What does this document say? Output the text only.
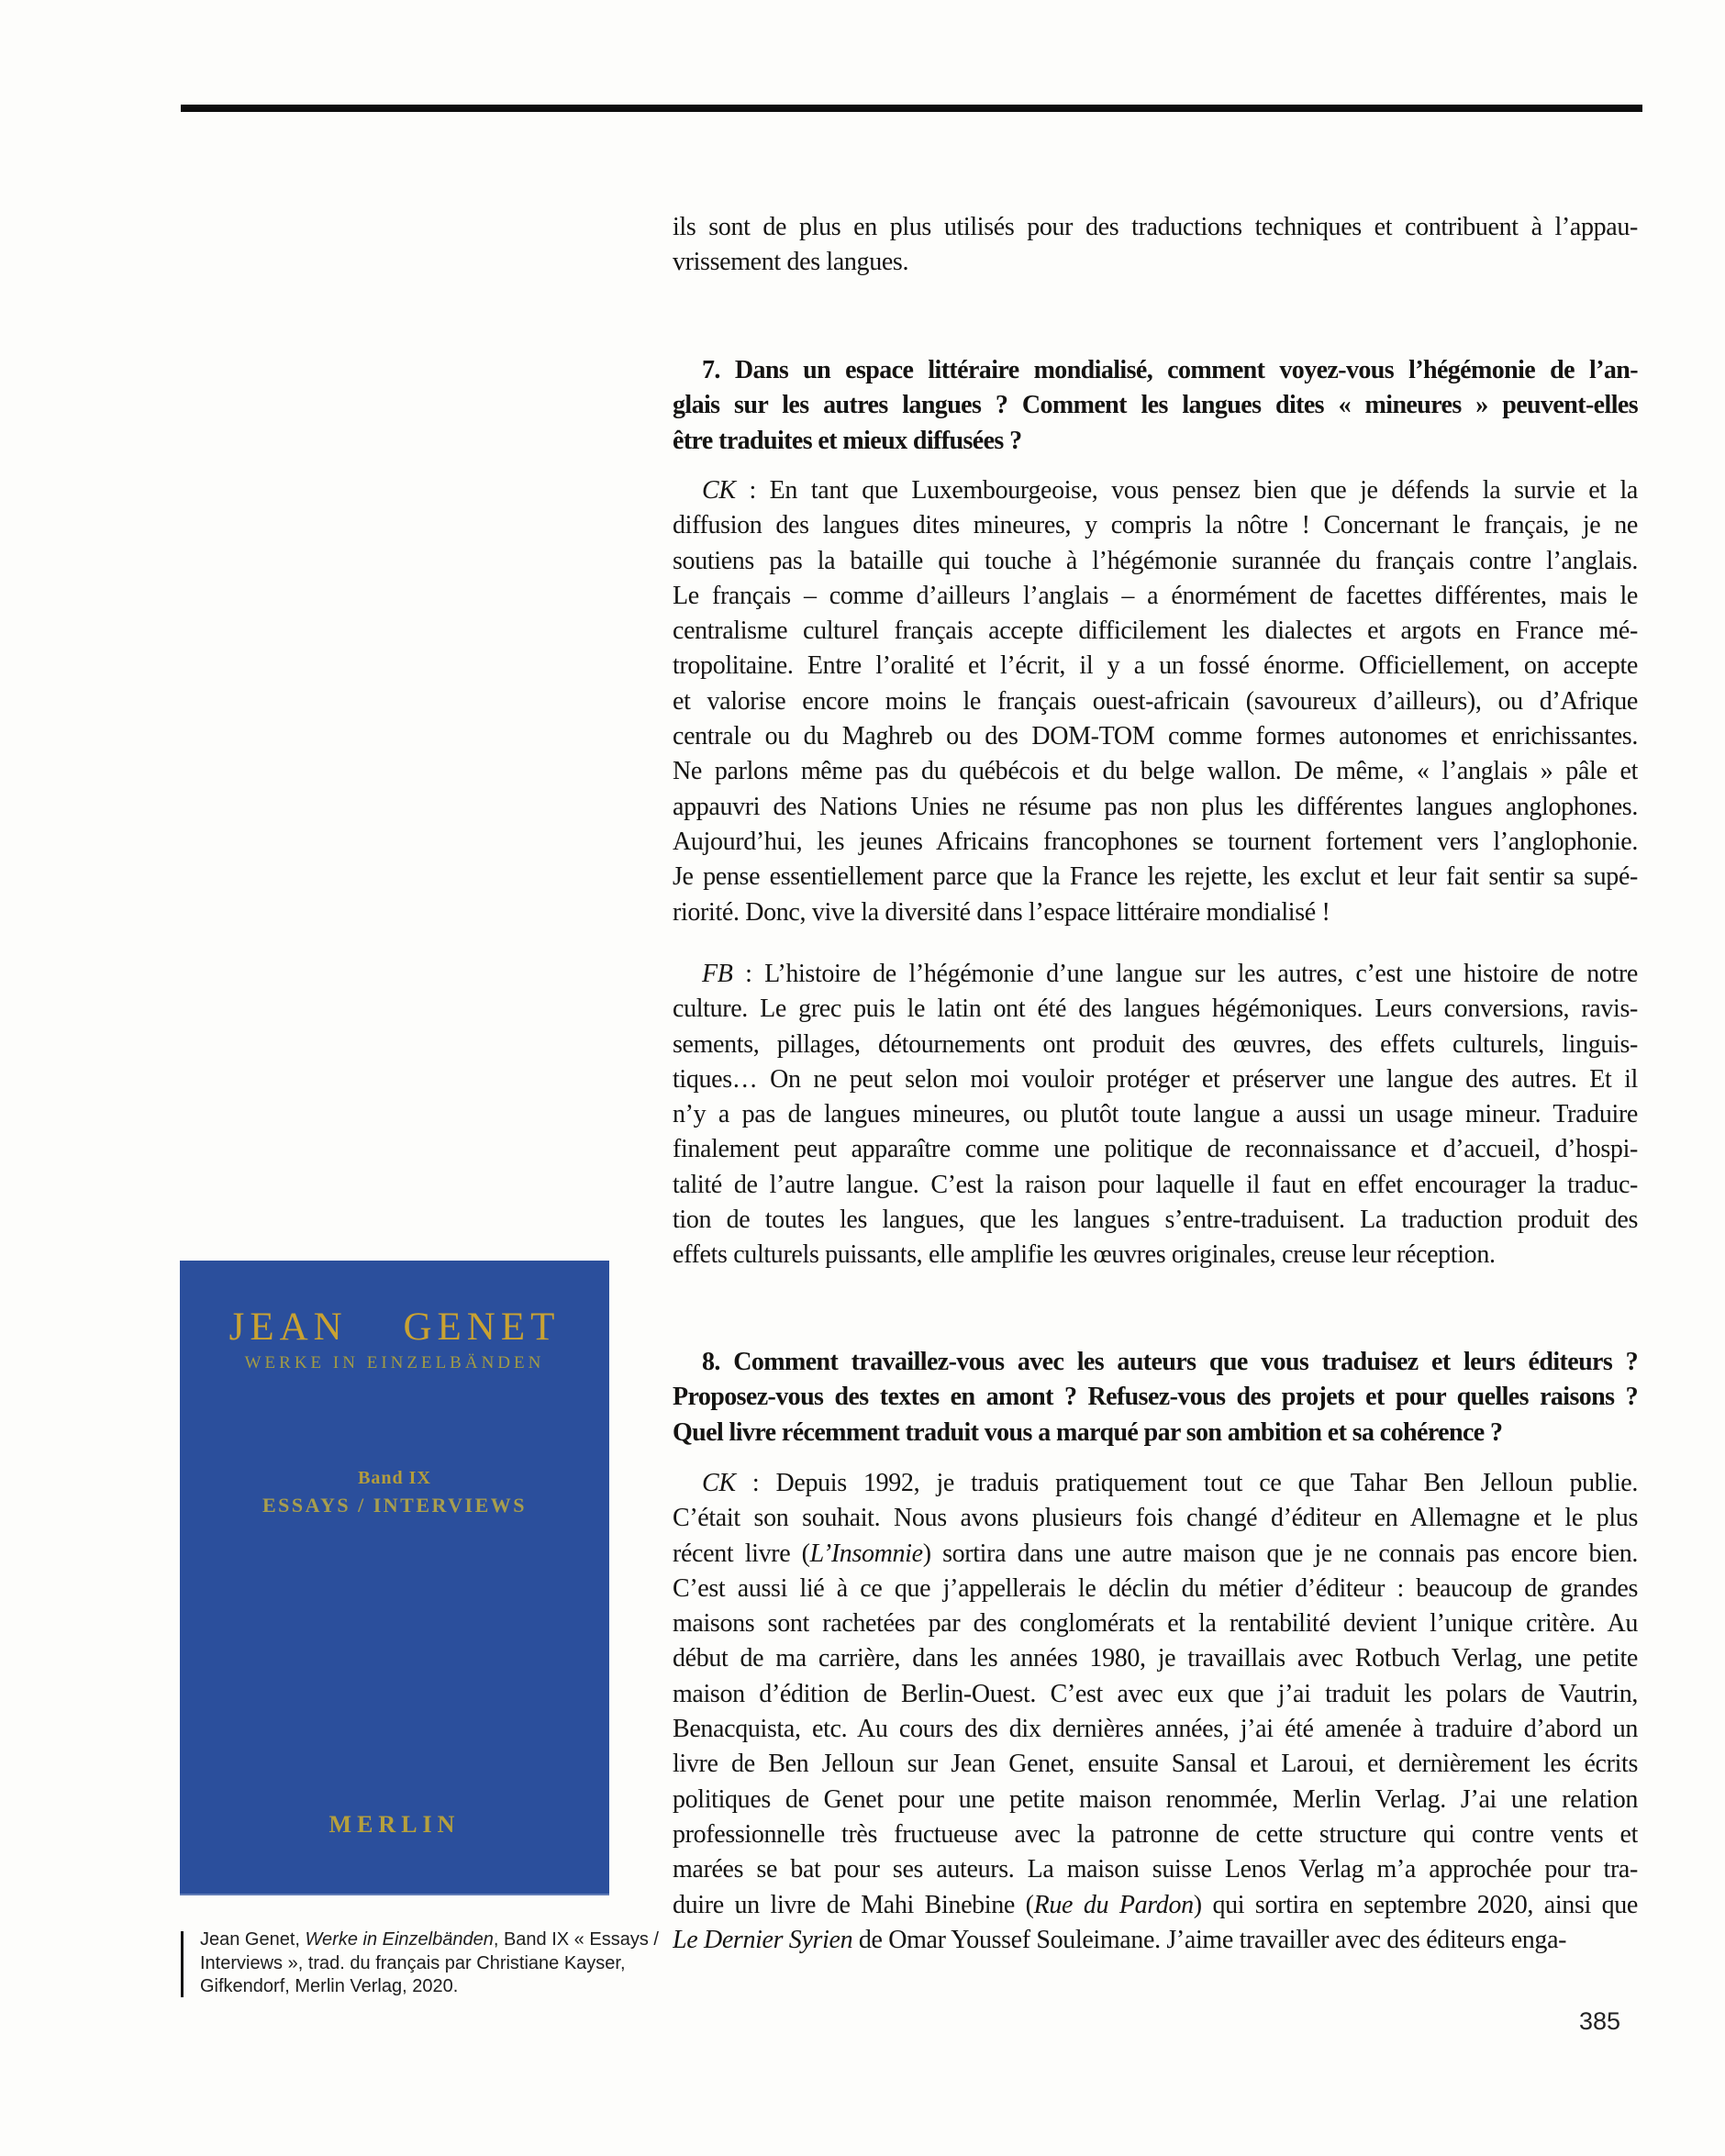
ils sont de plus en plus utilisés pour des traductions techniques et contribuent à l’appau-
vrissement des langues.
7. Dans un espace littéraire mondialisé, comment voyez-vous l’hégémonie de l’an-
glais sur les autres langues ? Comment les langues dites « mineures » peuvent-elles
être traduites et mieux diffusées ?
CK : En tant que Luxembourgeoise, vous pensez bien que je défends la survie et la
diffusion des langues dites mineures, y compris la nôtre ! Concernant le français, je ne
soutiens pas la bataille qui touche à l’hégémonie surannée du français contre l’anglais.
Le français – comme d’ailleurs l’anglais – a énormément de facettes différentes, mais le
centralisme culturel français accepte difficilement les dialectes et argots en France mé-
tropolitaine. Entre l’oralité et l’écrit, il y a un fossé énorme. Officiellement, on accepte
et valorise encore moins le français ouest-africain (savoureux d’ailleurs), ou d’Afrique
centrale ou du Maghreb ou des DOM-TOM comme formes autonomes et enrichissantes.
Ne parlons même pas du québécois et du belge wallon. De même, « l’anglais » pâle et
appauvri des Nations Unies ne résume pas non plus les différentes langues anglophones.
Aujourd’hui, les jeunes Africains francophones se tournent fortement vers l’anglophonie.
Je pense essentiellement parce que la France les rejette, les exclut et leur fait sentir sa supé-
riorité. Donc, vive la diversité dans l’espace littéraire mondialisé !
FB : L’histoire de l’hégémonie d’une langue sur les autres, c’est une histoire de notre
culture. Le grec puis le latin ont été des langues hégémoniques. Leurs conversions, ravis-
sements, pillages, détournements ont produit des œuvres, des effets culturels, linguis-
tiques… On ne peut selon moi vouloir protéger et préserver une langue des autres. Et il
n’y a pas de langues mineures, ou plutôt toute langue a aussi un usage mineur. Traduire
finalement peut apparaître comme une politique de reconnaissance et d’accueil, d’hospi-
talité de l’autre langue. C’est la raison pour laquelle il faut en effet encourager la traduc-
tion de toutes les langues, que les langues s’entre-traduisent. La traduction produit des
effets culturels puissants, elle amplifie les œuvres originales, creuse leur réception.
8. Comment travaillez-vous avec les auteurs que vous traduisez et leurs éditeurs ?
Proposez-vous des textes en amont ? Refusez-vous des projets et pour quelles raisons ?
Quel livre récemment traduit vous a marqué par son ambition et sa cohérence ?
CK : Depuis 1992, je traduis pratiquement tout ce que Tahar Ben Jelloun publie.
C’était son souhait. Nous avons plusieurs fois changé d’éditeur en Allemagne et le plus
récent livre (L’Insomnie) sortira dans une autre maison que je ne connais pas encore bien.
C’est aussi lié à ce que j’appellerais le déclin du métier d’éditeur : beaucoup de grandes
maisons sont rachetées par des conglomérats et la rentabilité devient l’unique critère. Au
début de ma carrière, dans les années 1980, je travaillais avec Rotbuch Verlag, une petite
maison d’édition de Berlin-Ouest. C’est avec eux que j’ai traduit les polars de Vautrin,
Benacquista, etc. Au cours des dix dernières années, j’ai été amenée à traduire d’abord un
livre de Ben Jelloun sur Jean Genet, ensuite Sansal et Laroui, et dernièrement les écrits
politiques de Genet pour une petite maison renommée, Merlin Verlag. J’ai une relation
professionnelle très fructueuse avec la patronne de cette structure qui contre vents et
marées se bat pour ses auteurs. La maison suisse Lenos Verlag m’a approchée pour tra-
duire un livre de Mahi Binebine (Rue du Pardon) qui sortira en septembre 2020, ainsi que
Le Dernier Syrien de Omar Youssef Souleimane. J’aime travailler avec des éditeurs enga-
JEAN GENET
WERKE IN EINZELBÄNDEN
Band IX
ESSAYS / INTERVIEWS
MERLIN
Jean Genet, Werke in Einzelbänden, Band IX « Essays /
Interviews », trad. du français par Christiane Kayser,
Gifkendorf, Merlin Verlag, 2020.
385
